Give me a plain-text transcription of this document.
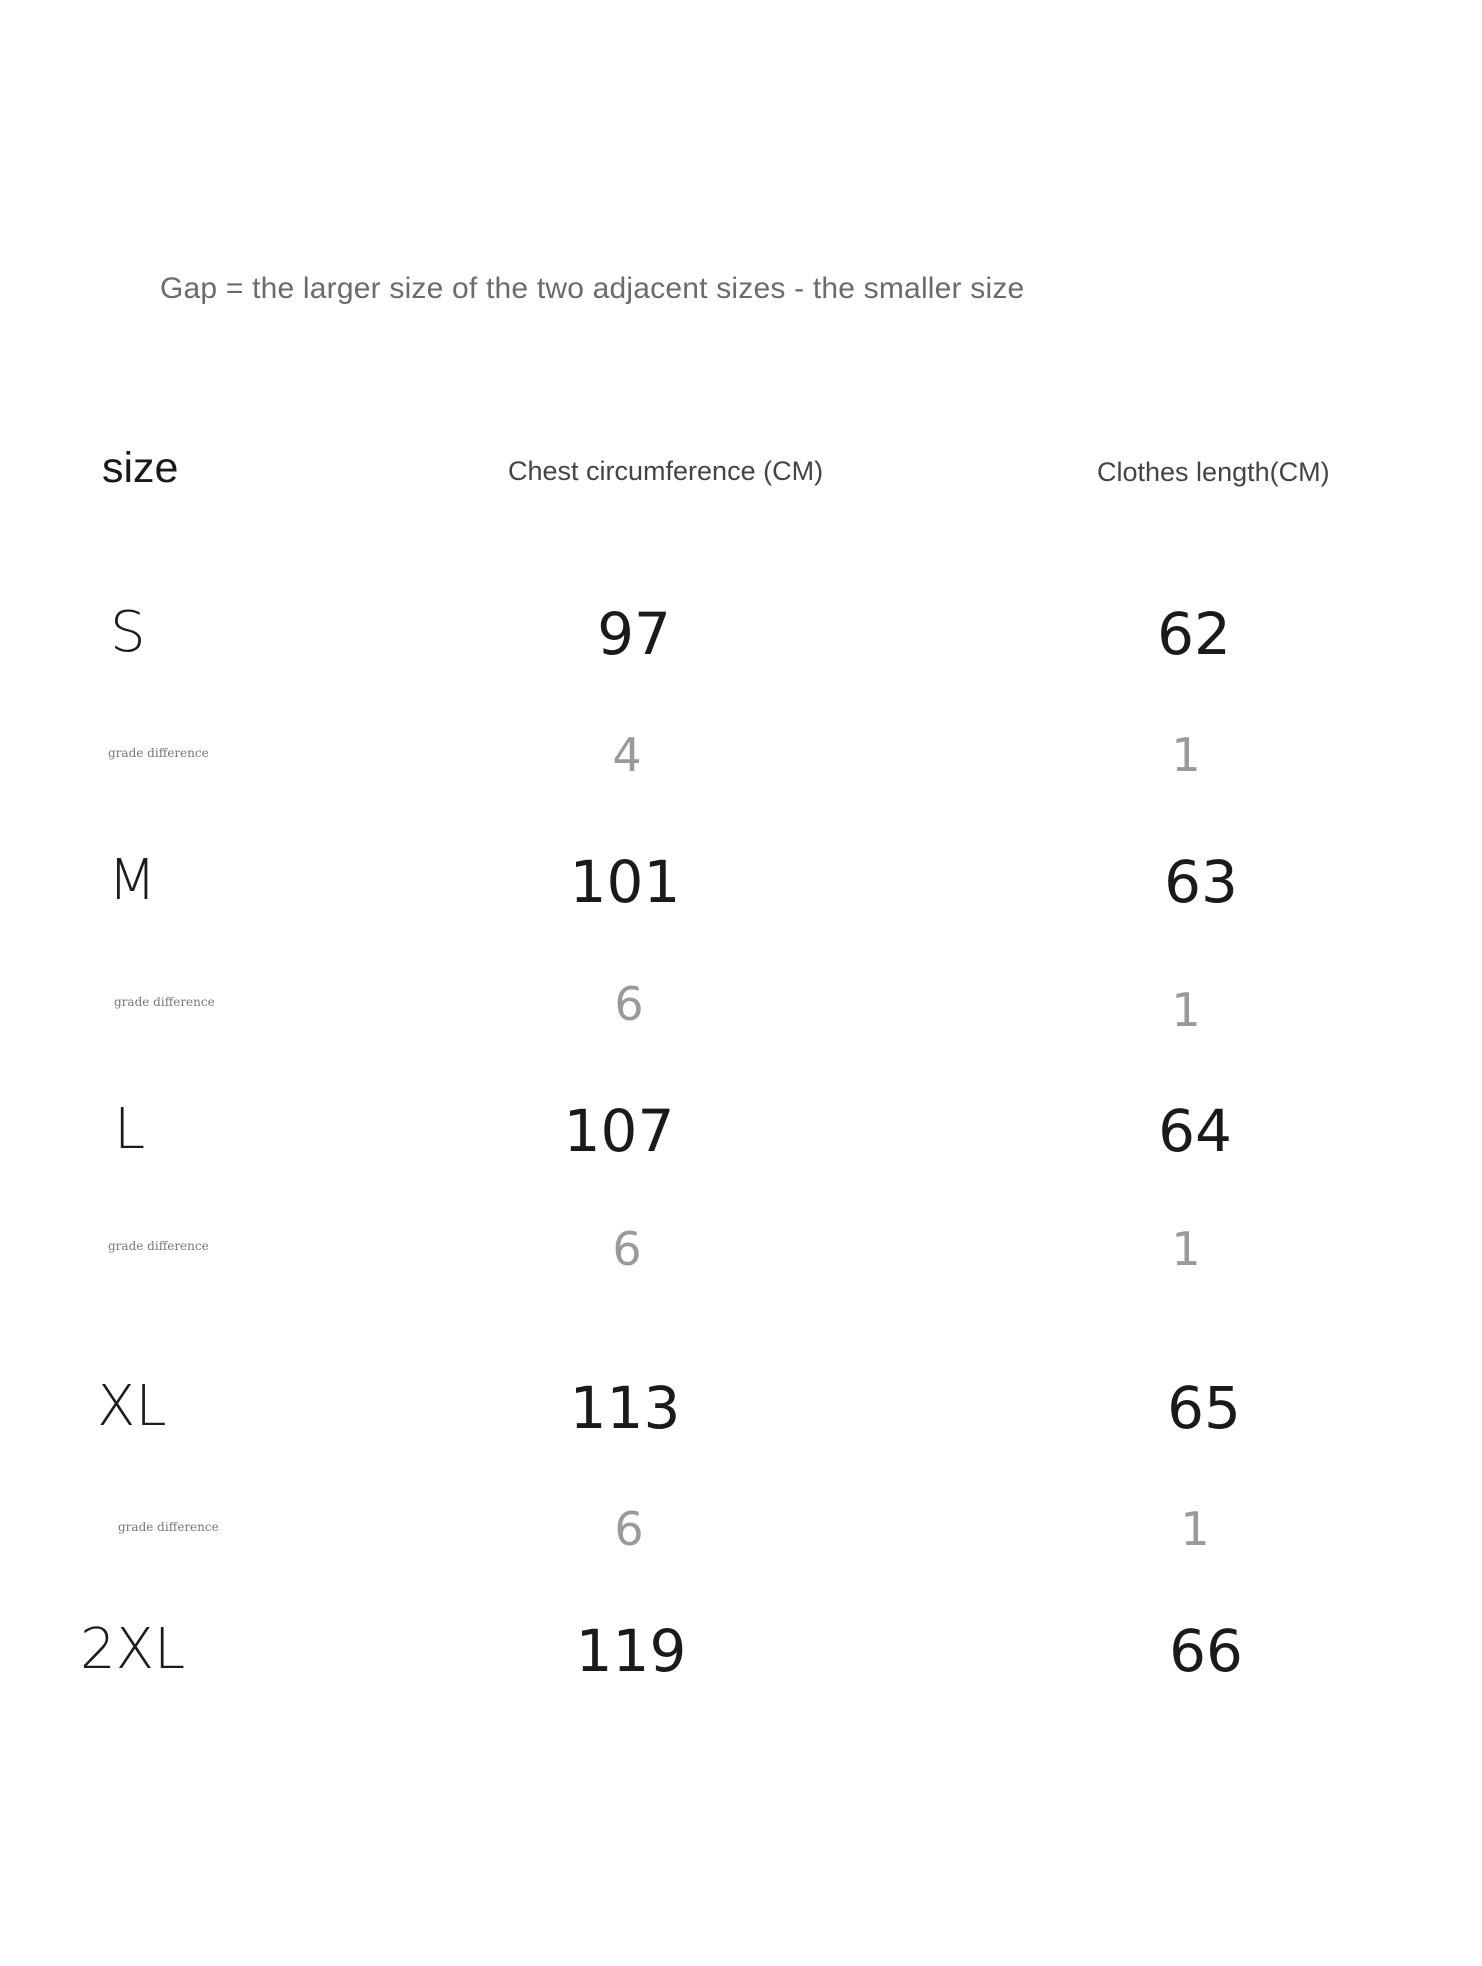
Gap = the larger size of the two adjacent sizes - the smaller size
size	Chest circumference (CM)	Clothes length(CM)
S	97	62
grade difference	4	1
M	101	63
grade difference	6	1
L	107	64
grade difference	6	1
XL	113	65
grade difference	6	1
2XL	119	66
